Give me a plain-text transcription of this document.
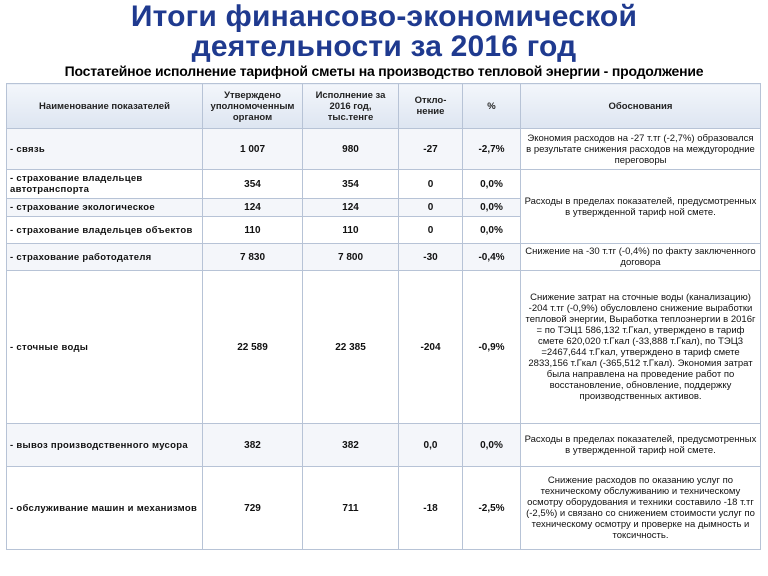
Итоги финансово-экономической
деятельности за 2016 год
Постатейное исполнение тарифной сметы на производство тепловой энергии - продолжение
Наименование показателей	Утверждено уполномоченным органом	Исполнение за 2016 год, тыс.тенге	Откло-нение	%	Обоснования
- связь	1 007	980	-27	-2,7%	Экономия расходов на -27 т.тг (-2,7%) образовался в результате снижения расходов на междугородние переговоры
- страхование владельцев автотранспорта	354	354	0	0,0%	Расходы в пределах показателей, предусмотренных в утвержденной тариф ной смете.
- страхование экологическое	124	124	0	0,0%	
- страхование владельцев объектов	110	110	0	0,0%	
- страхование работодателя	7 830	7 800	-30	-0,4%	Снижение на -30 т.тг (-0,4%) по факту заключенного договора
- сточные воды	22 589	22 385	-204	-0,9%	Снижение затрат на сточные воды (канализацию) -204 т.тг (-0,9%) обусловлено снижение выработки тепловой энергии, Выработка теплоэнергии в 2016г = по ТЭЦ1 586,132 т.Гкал, утверждено в тариф смете 620,020 т.Гкал (-33,888 т.Гкал), по ТЭЦ3 =2467,644 т.Гкал, утверждено в тариф смете 2833,156 т.Гкал (-365,512 т.Гкал). Экономия затрат была направлена на проведение работ по восстановление, обновление, поддержку производственных активов.
- вывоз производственного мусора	382	382	0,0	0,0%	Расходы в пределах показателей, предусмотренных в утвержденной тариф ной смете.
- обслуживание машин и механизмов	729	711	-18	-2,5%	Снижение расходов по оказанию услуг по техническому обслуживанию и техническому осмотру оборудования и техники составило -18 т.тг (-2,5%) и связано со снижением стоимости услуг по техническому осмотру и проверке на дымность и токсичность.
